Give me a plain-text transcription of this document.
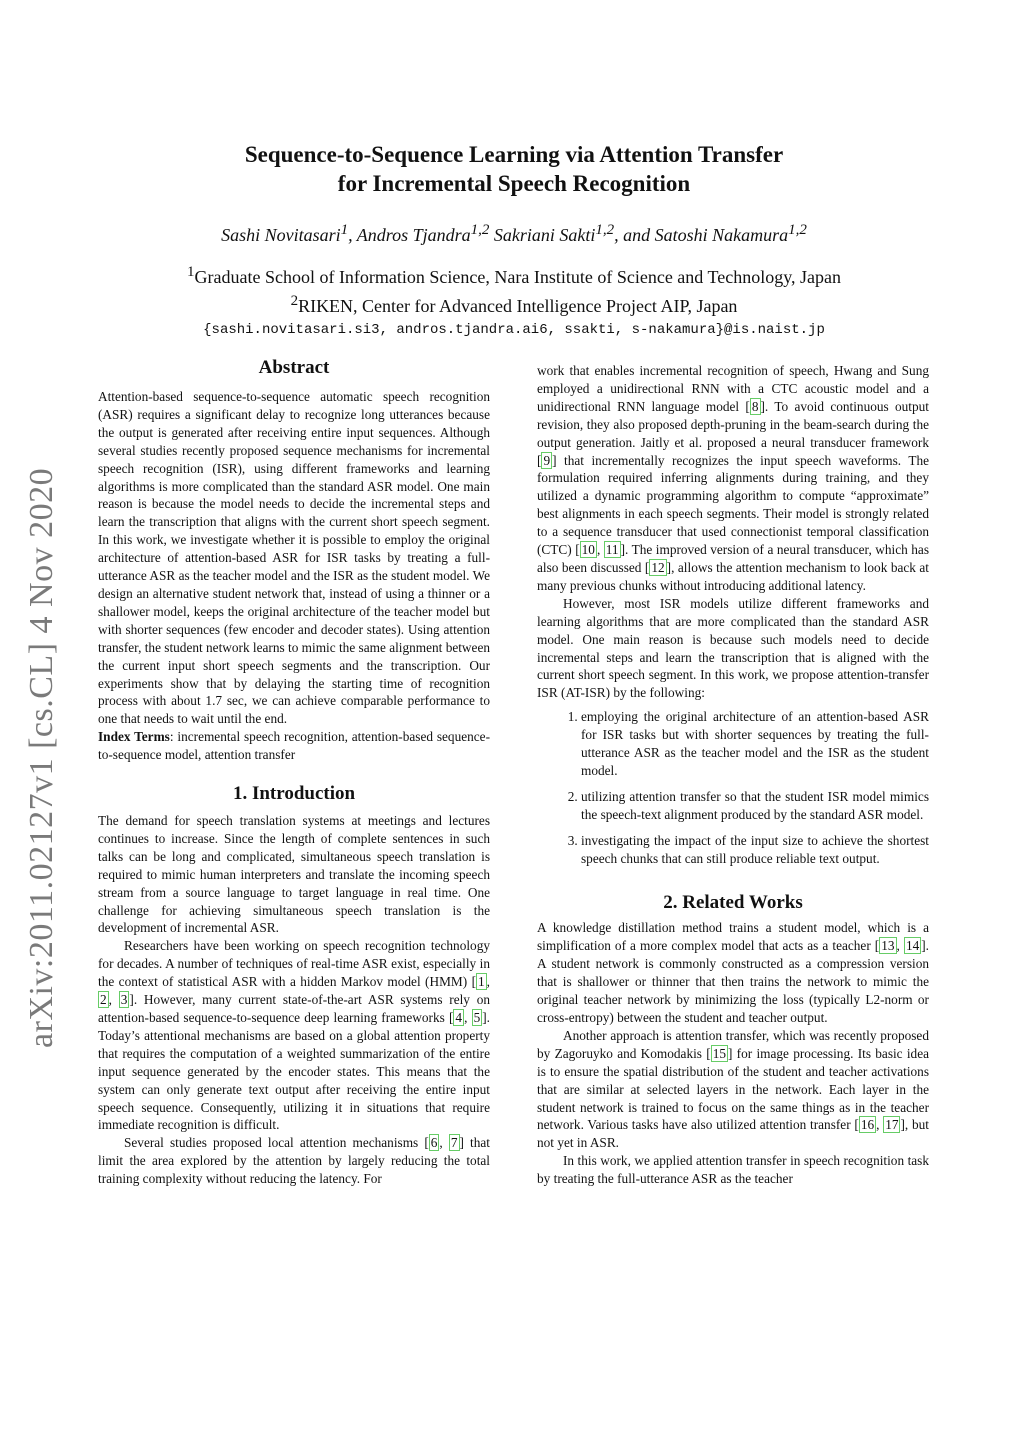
arXiv:2011.02127v1 [cs.CL] 4 Nov 2020
Sequence-to-Sequence Learning via Attention Transfer
for Incremental Speech Recognition
Sashi Novitasari$^1$, Andros Tjandra$^{1,2}$ Sakriani Sakti$^{1,2}$, and Satoshi Nakamura$^{1,2}$
$^1$Graduate School of Information Science, Nara Institute of Science and Technology, Japan
$^2$RIKEN, Center for Advanced Intelligence Project AIP, Japan
{sashi.novitasari.si3, andros.tjandra.ai6, ssakti, s-nakamura}@is.naist.jp
Abstract

Attention-based sequence-to-sequence automatic speech recognition (ASR) requires a significant delay to recognize long utterances because the output is generated after receiving entire input sequences. Although several studies recently proposed sequence mechanisms for incremental speech recognition (ISR), using different frameworks and learning algorithms is more complicated than the standard ASR model. One main reason is because the model needs to decide the incremental steps and learn the transcription that aligns with the current short speech segment. In this work, we investigate whether it is possible to employ the original architecture of attention-based ASR for ISR tasks by treating a full-utterance ASR as the teacher model and the ISR as the student model. We design an alternative student network that, instead of using a thinner or a shallower model, keeps the original architecture of the teacher model but with shorter sequences (few encoder and decoder states). Using attention transfer, the student network learns to mimic the same alignment between the current input short speech segments and the transcription. Our experiments show that by delaying the starting time of recognition process with about 1.7 sec, we can achieve comparable performance to one that needs to wait until the end.

Index Terms: incremental speech recognition, attention-based sequence-to-sequence model, attention transfer

1. Introduction

The demand for speech translation systems at meetings and lectures continues to increase. Since the length of complete sentences in such talks can be long and complicated, simultaneous speech translation is required to mimic human interpreters and translate the incoming speech stream from a source language to target language in real time. One challenge for achieving simultaneous speech translation is the development of incremental ASR.

Researchers have been working on speech recognition technology for decades. A number of techniques of real-time ASR exist, especially in the context of statistical ASR with a hidden Markov model (HMM) [ 1 , 2 , 3 ]. However, many current state-of-the-art ASR systems rely on attention-based sequence-to-sequence deep learning frameworks [ 4 , 5 ]. Today’s attentional mechanisms are based on a global attention property that requires the computation of a weighted summarization of the entire input sequence generated by the encoder states. This means that the system can only generate text output after receiving the entire input speech sequence. Consequently, utilizing it in situations that require immediate recognition is difficult.

Several studies proposed local attention mechanisms [ 6 , 7 ] that limit the area explored by the attention by largely reducing the total training complexity without reducing the latency. For

work that enables incremental recognition of speech, Hwang and Sung employed a unidirectional RNN with a CTC acoustic model and a unidirectional RNN language model [ 8 ]. To avoid continuous output revision, they also proposed depth-pruning in the beam-search during the output generation. Jaitly et al. proposed a neural transducer framework [ 9 ] that incrementally recognizes the input speech waveforms. The formulation required inferring alignments during training, and they utilized a dynamic programming algorithm to compute “approximate” best alignments in each speech segments. Their model is strongly related to a sequence transducer that used connectionist temporal classification (CTC) [ 10 , 11 ]. The improved version of a neural transducer, which has also been discussed [ 12 ], allows the attention mechanism to look back at many previous chunks without introducing additional latency.

However, most ISR models utilize different frameworks and learning algorithms that are more complicated than the standard ASR model. One main reason is because such models need to decide incremental steps and learn the transcription that is aligned with the current short speech segment. In this work, we propose attention-transfer ISR (AT-ISR) by the following:

1. employing the original architecture of an attention-based ASR for ISR tasks but with shorter sequences by treating the full-utterance ASR as the teacher model and the ISR as the student model.
2. utilizing attention transfer so that the student ISR model mimics the speech-text alignment produced by the standard ASR model.
3. investigating the impact of the input size to achieve the shortest speech chunks that can still produce reliable text output.
2. Related Works

A knowledge distillation method trains a student model, which is a simplification of a more complex model that acts as a teacher [ 13 , 14 ]. A student network is commonly constructed as a compression version that is shallower or thinner that then trains the network to mimic the original teacher network by minimizing the loss (typically L2-norm or cross-entropy) between the student and teacher output.

Another approach is attention transfer, which was recently proposed by Zagoruyko and Komodakis [ 15 ] for image processing. Its basic idea is to ensure the spatial distribution of the student and teacher activations that are similar at selected layers in the network. Each layer in the student network is trained to focus on the same things as in the teacher network. Various tasks have also utilized attention transfer [ 16 , 17 ], but not yet in ASR.

In this work, we applied attention transfer in speech recognition task by treating the full-utterance ASR as the teacher
